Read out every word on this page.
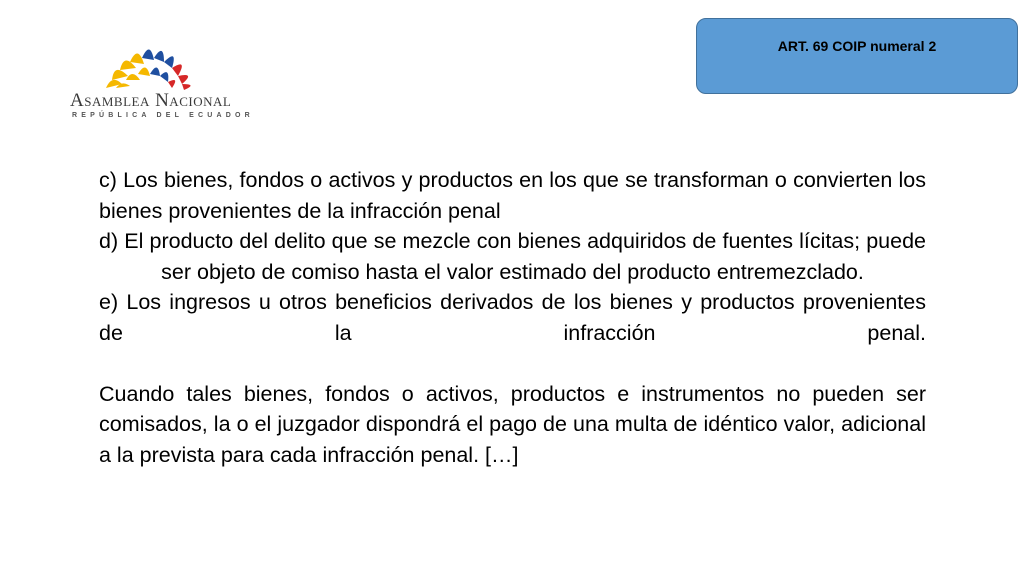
Asamblea Nacional
REPÚBLICA DEL ECUADOR
ART. 69 COIP numeral 2

c) Los bienes, fondos o activos y productos en los que se transforman o convierten los bienes provenientes de la infracción penal

d) El producto del delito que se mezcle con bienes adquiridos de fuentes lícitas; puede ser objeto de comiso hasta el valor estimado del producto entremezclado.

e) Los ingresos u otros beneficios derivados de los bienes y productos provenientes de la infracción penal.

Cuando tales bienes, fondos o activos, productos e instrumentos no pueden ser comisados, la o el juzgador dispondrá el pago de una multa de idéntico valor, adicional a la prevista para cada infracción penal. […]
